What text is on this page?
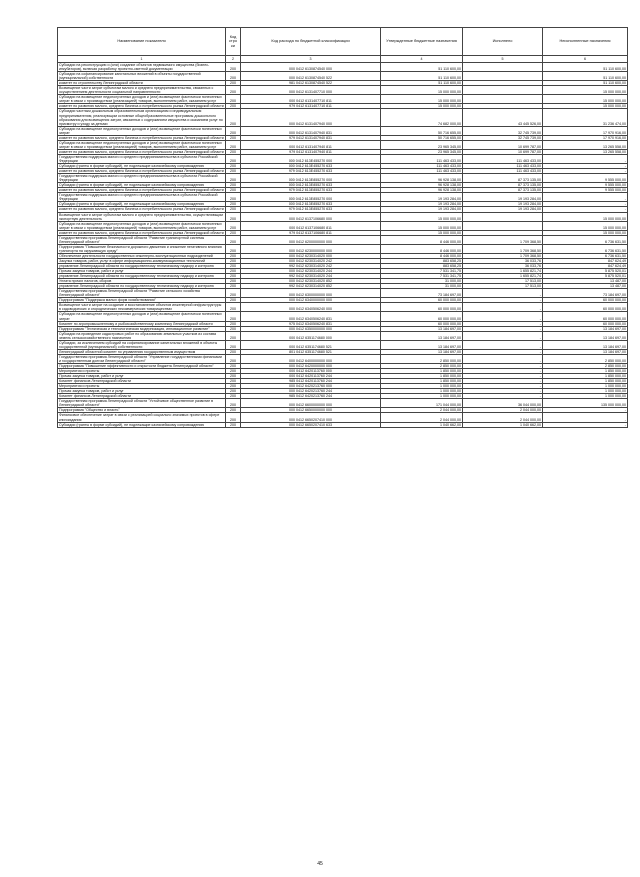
Наименование показателя	Код стро ки	Код расхода по бюджетной классификации	Утвержденные бюджетные назначения	Исполнено	Неисполненные назначения
1	2	3	4	5	6
Субсидии на реконструкцию и (или) создание объектов недвижимого имущества (бизнес-инкубаторов), включая разработку проектно-сметной документации	200	000 0412 6130874540 000	51 110 600,00		51 110 600,00
Субсидии на софинансирование капитальных вложений в объекты государственной (муниципальной) собственности	200	000 0412 6130874540 522	51 110 600,00		51 110 600,00
комитет по строительству Ленинградской области	200	981 0412 6130874540 522	51 110 600,00		51 110 600,00
Возмещение части затрат субъектам малого и среднего предпринимательства, связанных с осуществлением деятельности социальной направленности	200	000 0412 6131407710 000	15 000 000,00		15 000 000,00
Субсидии на возмещение недополученных доходов и (или) возмещение фактически понесенных затрат в связи с производством (реализацией) товаров, выполнением работ, оказанием услуг	200	000 0412 6131407710 811	15 000 000,00		15 000 000,00
комитет по развитию малого, среднего бизнеса и потребительского рынка Ленинградской области	200	979 0412 6131407710 811	15 000 000,00		15 000 000,00
Субсидии частным дошкольным образовательным организациям и индивидуальным предпринимателям, реализующим основные общеобразовательные программы дошкольного образования для возмещения затрат, связанных с содержанием имущества и оказанием услуг по присмотру и уходу за детьми	200	000 0412 6131407940 000	74 682 000,00	43 445 526,00	31 236 474,00
Субсидии на возмещение недополученных доходов и (или) возмещение фактически понесенных затрат	200	000 0412 6131407940 831	50 716 655,00	32 745 739,00	17 970 916,00
комитет по развитию малого, среднего бизнеса и потребительского рынка Ленинградской области	200	979 0412 6131407940 831	50 716 655,00	32 745 739,00	17 970 916,00
Субсидии на возмещение недополученных доходов и (или) возмещение фактически понесенных затрат в связи с производством (реализацией) товаров, выполнением работ, оказанием услуг	200	000 0412 6131407940 811	23 965 345,00	10 699 787,00	13 265 558,00
комитет по развитию малого, среднего бизнеса и потребительского рынка Ленинградской области	200	979 0412 6131407940 811	23 965 345,00	10 699 787,00	13 265 558,00
Государственная поддержка малого и среднего предпринимательства в субъектах Российской Федерации	200	000 0412 613Е455270 000	111 463 433,00	111 463 433,00	-
Субсидии (гранты в форме субсидий), не подлежащие казначейскому сопровождению	200	000 0412 613Е455270 633	111 463 433,00	111 463 433,00	-
комитет по развитию малого, среднего бизнеса и потребительского рынка Ленинградской области	200	979 0412 613Е455270 633	111 463 433,00	111 463 433,00	-
Государственная поддержка малого и среднего предпринимательства в субъектах Российской Федерации	200	000 0412 613Е855270 000	96 928 138,00	87 373 135,00	9 555 000,00
Субсидии (гранты в форме субсидий), не подлежащие казначейскому сопровождению	200	000 0412 613Е855270 633	96 928 138,00	87 373 135,00	9 555 000,00
комитет по развитию малого, среднего бизнеса и потребительского рынка Ленинградской области	200	979 0412 613Е855270 633	96 928 138,00	87 373 135,00	9 555 000,00
Государственная поддержка малого и среднего предпринимательства в субъектах Российской Федерации	200	000 0412 613Е855270 000	19 193 284,00	19 193 284,00	-
Субсидии (гранты в форме субсидий), не подлежащие казначейскому сопровождению	200	000 0412 613Е855270 633	19 193 284,00	19 193 284,00	-
комитет по развитию малого, среднего бизнеса и потребительского рынка Ленинградской области	200	979 0412 613Е855270 633	19 193 284,00	19 193 284,00	-
Возмещение части затрат субъектам малого и среднего предпринимательства, осуществляющим экспортную деятельность	200	000 0412 6137106680 000	15 000 000,00		15 000 000,00
Субсидии на возмещение недополученных доходов и (или) возмещение фактически понесенных затрат в связи с производством (реализацией) товаров, выполнением работ, оказанием услуг	200	000 0412 6137106680 811	15 000 000,00		15 000 000,00
комитет по развитию малого, среднего бизнеса и потребительского рынка Ленинградской области	200	979 0412 6137106680 811	15 000 000,00		15 000 000,00
Государственная программа Ленинградской области "Развитие транспортной системы Ленинградской области"	200	000 0412 6200000000 000	8 446 000,00	1 709 368,50	6 736 631,50
Подпрограмма "Повышение безопасности дорожного движения и снижение негативного влияния транспорта на окружающую среду"	200	000 0412 6230000000 000	8 446 000,00	1 709 368,50	6 736 631,50
Обеспечение деятельности государственных инженерно-эксплуатационных подразделений	200	000 0412 6230314020 000	8 446 000,00	1 709 368,50	6 736 631,50
Закупка товаров, работ, услуг в сфере информационно-коммуникационных технологий	200	000 0412 6230314020 242	883 658,25	36 033,76	847 624,49
управление Ленинградской области по государственному техническому надзору и контролю	200	992 0412 6230314020 242	883 658,25	36 033,76	847 624,49
Прочая закупка товаров, работ и услуг	200	000 0412 6230314020 244	7 531 341,75	1 655 821,74	5 875 520,01
управление Ленинградской области по государственному техническому надзору и контролю	200	992 0412 6230314020 244	7 531 341,75	1 655 821,74	5 875 520,01
Уплата прочих налогов, сборов	200	000 0412 6230314020 852	31 000,00	17 513,00	13 487,00
управление Ленинградской области по государственному техническому надзору и контролю	200	992 0412 6230314020 852	31 000,00	17 513,00	13 487,00
Государственная программа Ленинградской области "Развитие сельского хозяйства Ленинградской области"	200	000 0412 6300000000 000	73 184 697,00	-	73 184 697,00
Подпрограмма "Поддержка малых форм хозяйствования"	200	000 0412 6340000000 000	60 000 000,00	-	60 000 000,00
Возмещение части затрат на создание и восстановление объектов инженерной инфраструктуры в садоводческих и огороднических некоммерческих товариществах	200	000 0412 6340506240 000	60 000 000,00	-	60 000 000,00
Субсидии на возмещение недополученных доходов и (или) возмещение фактически понесенных затрат	200	000 0412 6340506240 831	60 000 000,00	-	60 000 000,00
Комитет по агропромышленному и рыбохозяйственному комплексу Ленинградской области	200	975 0412 6340506240 831	60 000 000,00	-	60 000 000,00
Подпрограмма "Техническая и технологическая модернизация, инновационное развитие"	200	000 0412 6350000000 000	13 184 697,00	-	13 184 697,00
Субсидии на проведение кадастровых работ по образованию земельных участков из состава земель сельскохозяйственного назначения	200	000 0412 6351174680 000	13 184 697,00	-	13 184 697,00
Субсидии, за исключением субсидий на софинансирование капитальных вложений в объекты государственной (муниципальной) собственности	200	000 0412 6351174680 521	13 184 697,00	-	13 184 697,00
Ленинградский областной комитет по управлению государственным имуществом	200	801 0412 6351174680 521	13 184 697,00	-	13 184 697,00
Государственная программа Ленинградской области "Управление государственными финансами и государственным долгом Ленинградской области"	200	000 0412 6400000000 000	2 850 000,00	-	2 850 000,00
Подпрограмма "Повышение эффективности и открытости бюджета Ленинградской области"	200	000 0412 6420000000 000	2 850 000,00	-	2 850 000,00
Мероприятия и проекты	200	000 0412 6420113760 000	1 850 000,00	-	1 850 000,00
Прочая закупка товаров, работ и услуг	200	000 0412 6420113760 244	1 850 000,00	-	1 850 000,00
Комитет финансов Ленинградской области	200	985 0412 6420113760 244	1 850 000,00	-	1 850 000,00
Мероприятия и проекты	200	000 0412 6420213760 000	1 000 000,00	-	1 000 000,00
Прочая закупка товаров, работ и услуг	200	000 0412 6420213760 244	1 000 000,00	-	1 000 000,00
Комитет финансов Ленинградской области	200	985 0412 6420213760 244	1 000 000,00	-	1 000 000,00
Государственная программа Ленинградской области "Устойчивое общественное развитие в Ленинградской области"	200	000 0412 6600000000 000	171 044 000,00	36 044 000,00	135 000 000,00
Подпрограмма "Общество и власть"	200	000 0412 6650000000 000	2 044 000,00	2 044 000,00	-
Финансовое обеспечение затрат в связи с реализацией социально значимых проектов в сфере книгоиздания	200	000 0412 6650207410 000	2 044 000,00	2 044 000,00	-
Субсидии (гранты в форме субсидий), не подлежащие казначейскому сопровождению	200	000 0412 6650207410 633	1 040 662,00	1 040 662,00	-
45
